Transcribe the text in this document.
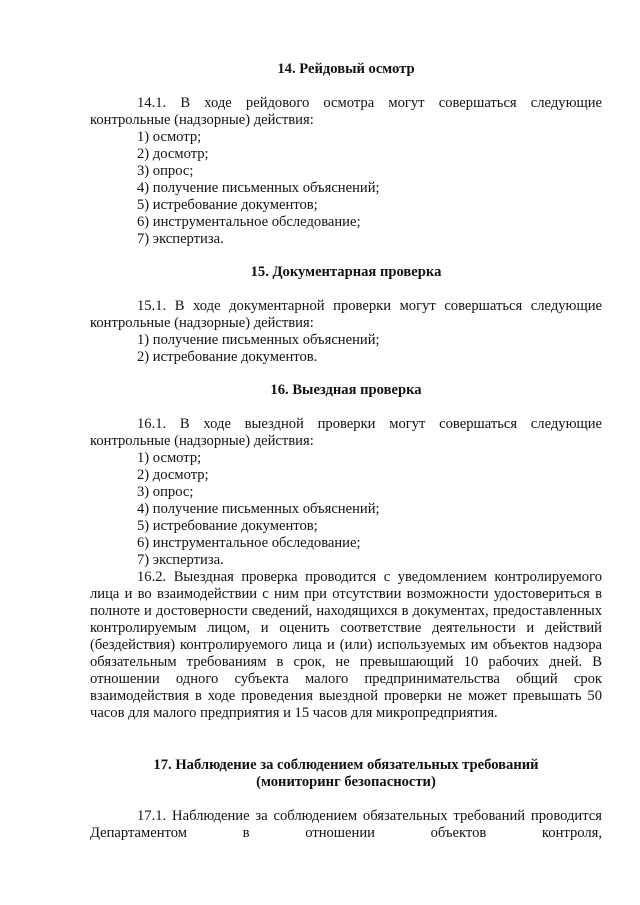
14. Рейдовый осмотр

14.1. В ходе рейдового осмотра могут совершаться следующие контрольные (надзорные) действия:

1) осмотр;

2) досмотр;

3) опрос;

4) получение письменных объяснений;

5) истребование документов;

6) инструментальное обследование;

7) экспертиза.

15. Документарная проверка

15.1. В ходе документарной проверки могут совершаться следующие контрольные (надзорные) действия:

1) получение письменных объяснений;

2) истребование документов.

16. Выездная проверка

16.1. В ходе выездной проверки могут совершаться следующие контрольные (надзорные) действия:

1) осмотр;

2) досмотр;

3) опрос;

4) получение письменных объяснений;

5) истребование документов;

6) инструментальное обследование;

7) экспертиза.

16.2. Выездная проверка проводится с уведомлением контролируемого лица и во взаимодействии с ним при отсутствии возможности удостовериться в полноте и достоверности сведений, находящихся в документах, предоставленных контролируемым лицом, и оценить соответствие деятельности и действий (бездействия) контролируемого лица и (или) используемых им объектов надзора обязательным требованиям в срок, не превышающий 10 рабочих дней. В отношении одного субъекта малого предпринимательства общий срок взаимодействия в ходе проведения выездной проверки не может превышать 50 часов для малого предприятия и 15 часов для микропредприятия.

17. Наблюдение за соблюдением обязательных требований

(мониторинг безопасности)

17.1. Наблюдение за соблюдением обязательных требований проводится Департаментом в отношении объектов контроля,
